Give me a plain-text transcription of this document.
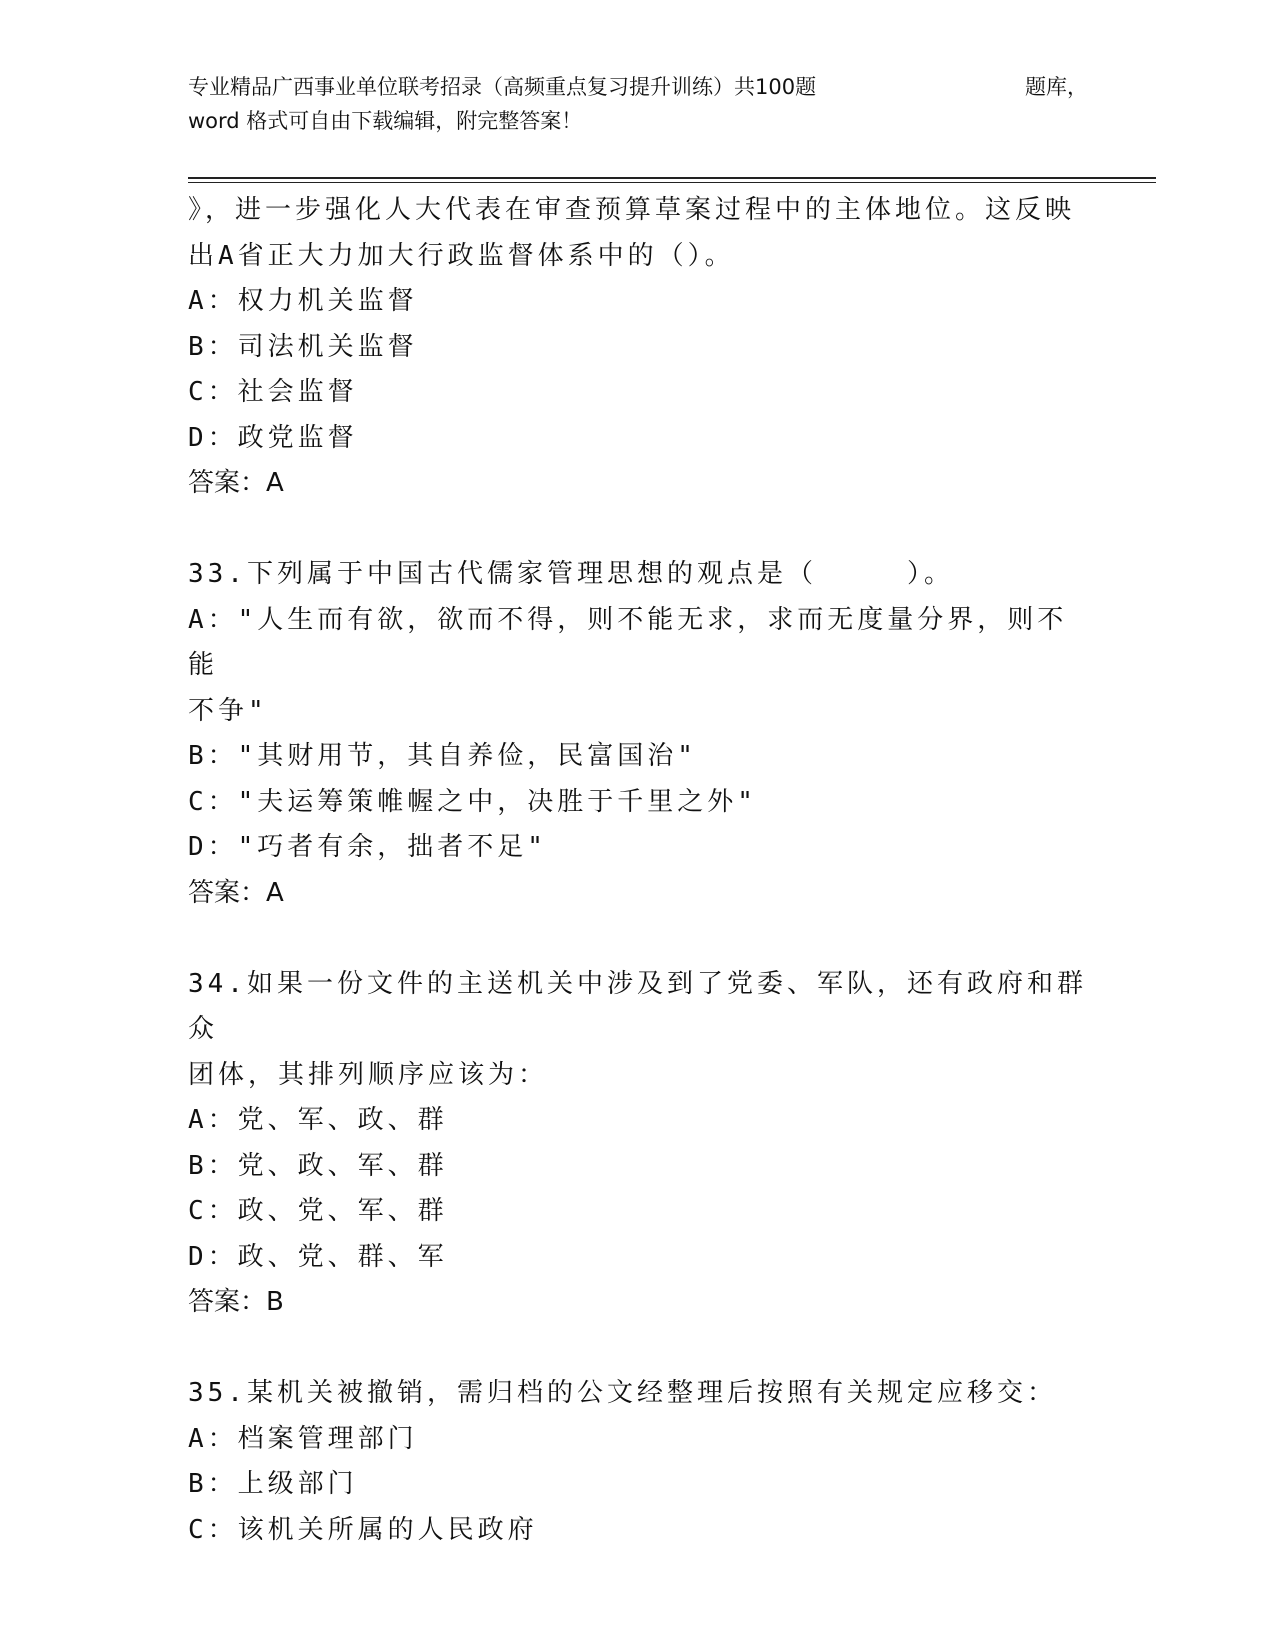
专业精品广西事业单位联考招录（高频重点复习提升训练）共100题	题库，
word 格式可自由下载编辑，附完整答案！

》，进一步强化人大代表在审查预算草案过程中的主体地位。这反映

出A省正大力加大行政监督体系中的（）。

A：权力机关监督

B：司法机关监督

C：社会监督

D：政党监督

答案：A

33.下列属于中国古代儒家管理思想的观点是（　　　）。

A："人生而有欲，欲而不得，则不能无求，求而无度量分界，则不能

不争"

B："其财用节，其自养俭，民富国治"

C："夫运筹策帷幄之中，决胜于千里之外"

D："巧者有余，拙者不足"

答案：A

34.如果一份文件的主送机关中涉及到了党委、军队，还有政府和群众

团体，其排列顺序应该为：

A：党、军、政、群

B：党、政、军、群

C：政、党、军、群

D：政、党、群、军

答案：B

35.某机关被撤销，需归档的公文经整理后按照有关规定应移交：

A：档案管理部门

B：上级部门

C：该机关所属的人民政府
